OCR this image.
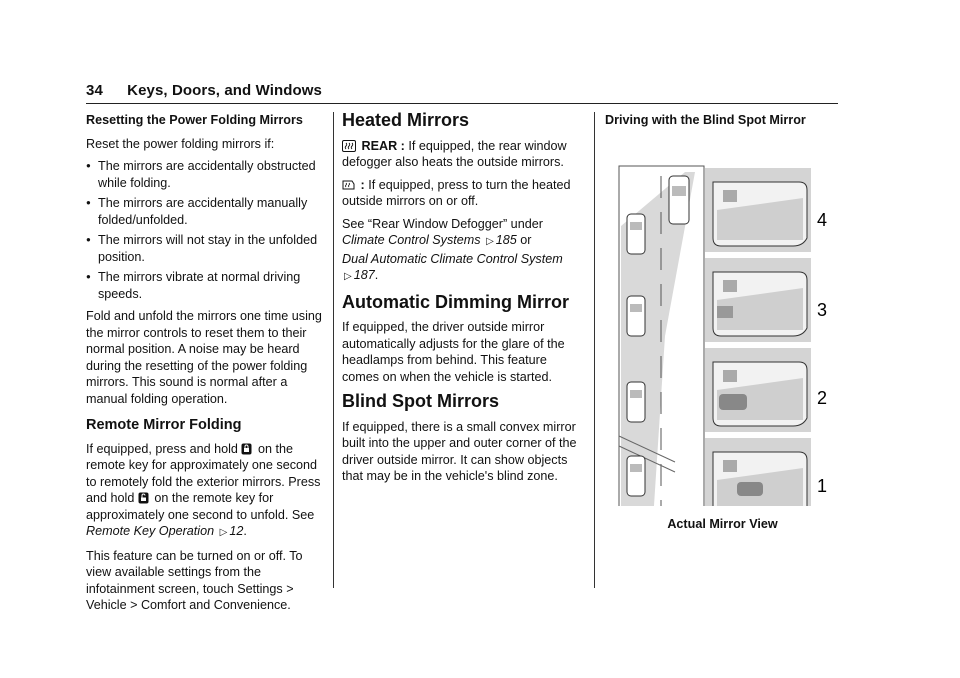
34 Keys, Doors, and Windows
Resetting the Power Folding Mirrors

Reset the power folding mirrors if:

● The mirrors are accidentally obstructed while folding.
● The mirrors are accidentally manually folded/unfolded.
● The mirrors will not stay in the unfolded position.
● The mirrors vibrate at normal driving speeds.

Fold and unfold the mirrors one time using the mirror controls to reset them to their normal position. A noise may be heard during the resetting of the power folding mirrors. This sound is normal after a manual folding operation.

Remote Mirror Folding

If equipped, press and hold on the remote key for approximately one second to remotely fold the exterior mirrors. Press and hold on the remote key for approximately one second to unfold. See Remote Key Operation ▷ 12.

This feature can be turned on or off. To view available settings from the infotainment screen, touch Settings > Vehicle > Comfort and Convenience.

Heated Mirrors

REAR : If equipped, the rear window defogger also heats the outside mirrors.

: If equipped, press to turn the heated outside mirrors on or off.

See “Rear Window Defogger” under Climate Control Systems ▷ 185 or
Dual Automatic Climate Control System
▷ 187.

Automatic Dimming Mirror

If equipped, the driver outside mirror automatically adjusts for the glare of the headlamps from behind. This feature comes on when the vehicle is started.

Blind Spot Mirrors

If equipped, there is a small convex mirror built into the upper and outer corner of the driver outside mirror. It can show objects that may be in the vehicle's blind zone.

Driving with the Blind Spot Mirror
4
3
2
1
Actual Mirror View
